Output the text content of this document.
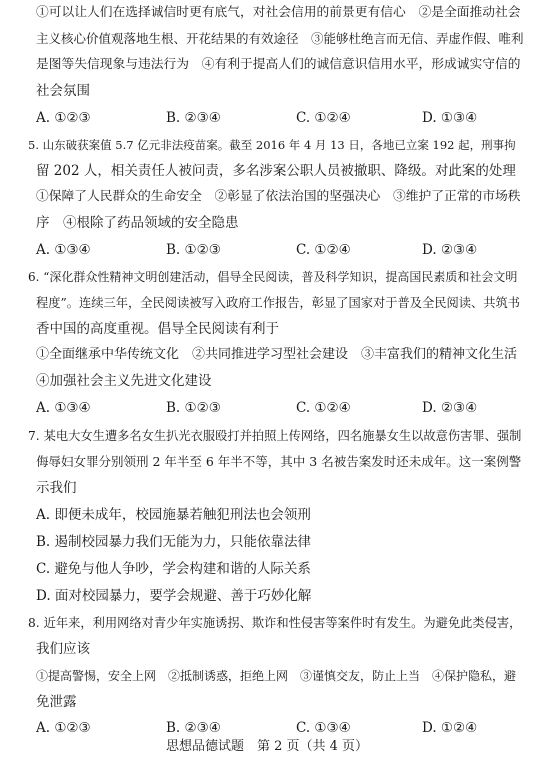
①可以让人们在选择诚信时更有底气，对社会信用的前景更有信心　②是全面推动社会
主义核心价值观落地生根、开花结果的有效途径　③能够杜绝言而无信、弄虚作假、唯利
是图等失信现象与违法行为　④有利于提高人们的诚信意识信用水平，形成诚实守信的
社会氛围
A. ①②③	B. ②③④	C. ①②④	D. ①③④
5. 山东破获案值 5.7 亿元非法疫苗案。截至 2016 年 4 月 13 日，各地已立案 192 起，刑事拘
留 202 人，相关责任人被问责，多名涉案公职人员被撤职、降级。对此案的处理
①保障了人民群众的生命安全　②彰显了依法治国的坚强决心　③维护了正常的市场秩
序　④根除了药品领域的安全隐患
A. ①③④	B. ①②③	C. ①②④	D. ②③④
6. “深化群众性精神文明创建活动，倡导全民阅读，普及科学知识，提高国民素质和社会文明
程度”。连续三年，全民阅读被写入政府工作报告，彰显了国家对于普及全民阅读、共筑书
香中国的高度重视。倡导全民阅读有利于
①全面继承中华传统文化　②共同推进学习型社会建设　③丰富我们的精神文化生活
④加强社会主义先进文化建设
A. ①③④	B. ①②③	C. ①②④	D. ②③④
7. 某电大女生遭多名女生扒光衣服殴打并拍照上传网络，四名施暴女生以故意伤害罪、强制
侮辱妇女罪分别领刑 2 年半至 6 年半不等，其中 3 名被告案发时还未成年。这一案例警
示我们
A. 即便未成年，校园施暴若触犯刑法也会领刑
B. 遏制校园暴力我们无能为力，只能依靠法律
C. 避免与他人争吵，学会构建和谐的人际关系
D. 面对校园暴力，要学会规避、善于巧妙化解
8. 近年来，利用网络对青少年实施诱拐、欺诈和性侵害等案件时有发生。为避免此类侵害，
我们应该
①提高警惕，安全上网　②抵制诱惑，拒绝上网　③谨慎交友，防止上当　④保护隐私，避
免泄露
A. ①②③	B. ②③④	C. ①③④	D. ①②④
思想品德试题　第 2 页（共 4 页）
